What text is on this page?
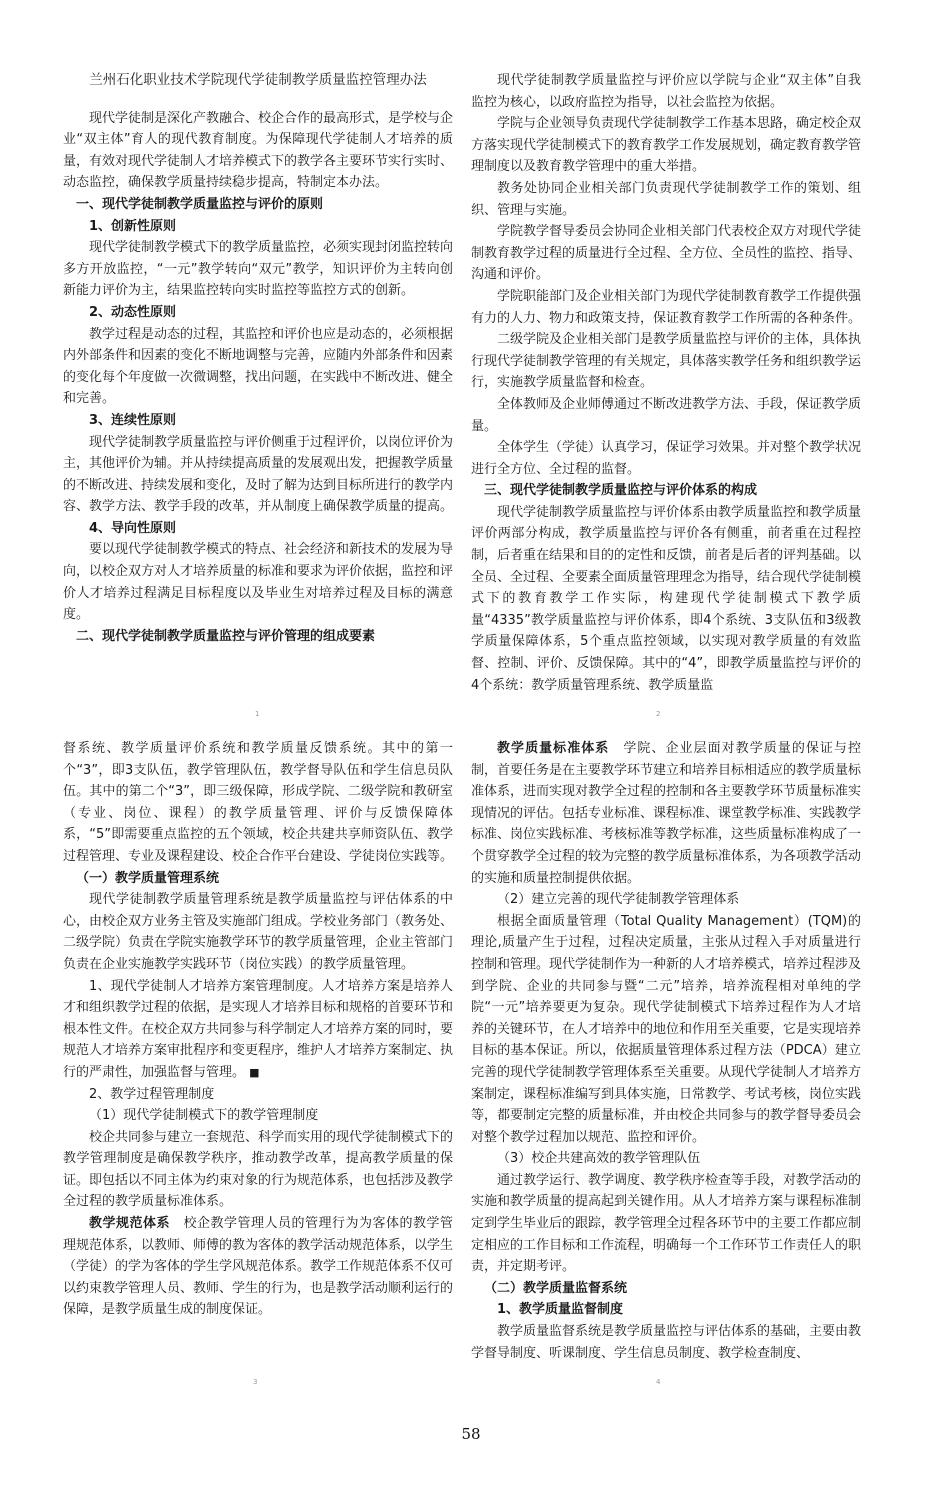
兰州石化职业技术学院现代学徒制教学质量监控管理办法

现代学徒制是深化产教融合、校企合作的最高形式，是学校与企业“双主体”育人的现代教育制度。为保障现代学徒制人才培养的质量，有效对现代学徒制人才培养模式下的教学各主要环节实行实时、动态监控，确保教学质量持续稳步提高，特制定本办法。

一、现代学徒制教学质量监控与评价的原则

1、创新性原则

现代学徒制教学模式下的教学质量监控，必须实现封闭监控转向多方开放监控，“一元”教学转向“双元”教学，知识评价为主转向创新能力评价为主，结果监控转向实时监控等监控方式的创新。

2、动态性原则

教学过程是动态的过程，其监控和评价也应是动态的，必须根据内外部条件和因素的变化不断地调整与完善，应随内外部条件和因素的变化每个年度做一次微调整，找出问题，在实践中不断改进、健全和完善。

3、连续性原则

现代学徒制教学质量监控与评价侧重于过程评价，以岗位评价为主，其他评价为辅。并从持续提高质量的发展观出发，把握教学质量的不断改进、持续发展和变化，及时了解为达到目标所进行的教学内容、教学方法、教学手段的改革，并从制度上确保教学质量的提高。

4、导向性原则

要以现代学徒制教学模式的特点、社会经济和新技术的发展为导向，以校企双方对人才培养质量的标准和要求为评价依据，监控和评价人才培养过程满足目标程度以及毕业生对培养过程及目标的满意度。

二、现代学徒制教学质量监控与评价管理的组成要素

1

现代学徒制教学质量监控与评价应以学院与企业“双主体”自我监控为核心，以政府监控为指导，以社会监控为依据。

学院与企业领导负责现代学徒制教学工作基本思路，确定校企双方落实现代学徒制模式下的教育教学工作发展规划，确定教育教学管理制度以及教育教学管理中的重大举措。

教务处协同企业相关部门负责现代学徒制教学工作的策划、组织、管理与实施。

学院教学督导委员会协同企业相关部门代表校企双方对现代学徒制教育教学过程的质量进行全过程、全方位、全员性的监控、指导、沟通和评价。

学院职能部门及企业相关部门为现代学徒制教育教学工作提供强有力的人力、物力和政策支持，保证教育教学工作所需的各种条件。

二级学院及企业相关部门是教学质量监控与评价的主体，具体执行现代学徒制教学管理的有关规定，具体落实教学任务和组织教学运行，实施教学质量监督和检查。

全体教师及企业师傅通过不断改进教学方法、手段，保证教学质量。

全体学生（学徒）认真学习，保证学习效果。并对整个教学状况进行全方位、全过程的监督。

三、现代学徒制教学质量监控与评价体系的构成

现代学徒制教学质量监控与评价体系由教学质量监控和教学质量评价两部分构成，教学质量监控与评价各有侧重，前者重在过程控制，后者重在结果和目的的定性和反馈，前者是后者的评判基础。以全员、全过程、全要素全面质量管理理念为指导，结合现代学徒制模式下的教育教学工作实际，构建现代学徒制模式下教学质量“4335”教学质量监控与评价体系，即4个系统、3支队伍和3级教学质量保障体系，5个重点监控领域，以实现对教学质量的有效监督、控制、评价、反馈保障。其中的“4”，即教学质量监控与评价的4个系统：教学质量管理系统、教学质量监

2

督系统、教学质量评价系统和教学质量反馈系统。其中的第一个“3”，即3支队伍，教学管理队伍，教学督导队伍和学生信息员队伍。其中的第二个“3”，即三级保障，形成学院、二级学院和教研室（专业、岗位、课程）的教学质量管理、评价与反馈保障体系，“5”即需要重点监控的五个领域，校企共建共享师资队伍、教学过程管理、专业及课程建设、校企合作平台建设、学徒岗位实践等。

（一）教学质量管理系统

现代学徒制教学质量管理系统是教学质量监控与评估体系的中心，由校企双方业务主管及实施部门组成。学校业务部门（教务处、二级学院）负责在学院实施教学环节的教学质量管理，企业主管部门负责在企业实施教学实践环节（岗位实践）的教学质量管理。

1、现代学徒制人才培养方案管理制度。人才培养方案是培养人才和组织教学过程的依据，是实现人才培养目标和规格的首要环节和根本性文件。在校企双方共同参与科学制定人才培养方案的同时，要规范人才培养方案审批程序和变更程序，维护人才培养方案制定、执行的严肃性，加强监督与管理。 ■

2、教学过程管理制度

（1）现代学徒制模式下的教学管理制度

校企共同参与建立一套规范、科学而实用的现代学徒制模式下的教学管理制度是确保教学秩序，推动教学改革，提高教学质量的保证。即包括以不同主体为约束对象的行为规范体系，也包括涉及教学全过程的教学质量标准体系。

教学规范体系　校企教学管理人员的管理行为为客体的教学管理规范体系，以教师、师傅的教为客体的教学活动规范体系，以学生（学徒）的学为客体的学生学风规范体系。教学工作规范体系不仅可以约束教学管理人员、教师、学生的行为，也是教学活动顺利运行的保障，是教学质量生成的制度保证。

3

教学质量标准体系　学院、企业层面对教学质量的保证与控制，首要任务是在主要教学环节建立和培养目标相适应的教学质量标准体系，进而实现对教学全过程的控制和各主要教学环节质量标准实现情况的评估。包括专业标准、课程标准、课堂教学标准、实践教学标准、岗位实践标准、考核标准等教学标准，这些质量标准构成了一个贯穿教学全过程的较为完整的教学质量标准体系，为各项教学活动的实施和质量控制提供依据。

（2）建立完善的现代学徒制教学管理体系

根据全面质量管理（Total Quality Management）(TQM)的理论,质量产生于过程，过程决定质量，主张从过程入手对质量进行控制和管理。现代学徒制作为一种新的人才培养模式，培养过程涉及到学院、企业的共同参与暨“二元”培养，培养流程相对单纯的学院“一元”培养要更为复杂。现代学徒制模式下培养过程作为人才培养的关键环节，在人才培养中的地位和作用至关重要，它是实现培养目标的基本保证。所以，依据质量管理体系过程方法（PDCA）建立完善的现代学徒制教学管理体系至关重要。从现代学徒制人才培养方案制定，课程标准编写到具体实施，日常教学、考试考核，岗位实践等，都要制定完整的质量标准，并由校企共同参与的教学督导委员会对整个教学过程加以规范、监控和评价。

（3）校企共建高效的教学管理队伍

通过教学运行、教学调度、教学秩序检查等手段，对教学活动的实施和教学质量的提高起到关键作用。从人才培养方案与课程标准制定到学生毕业后的跟踪，教学管理全过程各环节中的主要工作都应制定相应的工作目标和工作流程，明确每一个工作环节工作责任人的职责，并定期考评。

（二）教学质量监督系统

1、教学质量监督制度

教学质量监督系统是教学质量监控与评估体系的基础，主要由教学督导制度、听课制度、学生信息员制度、教学检查制度、

4
58
